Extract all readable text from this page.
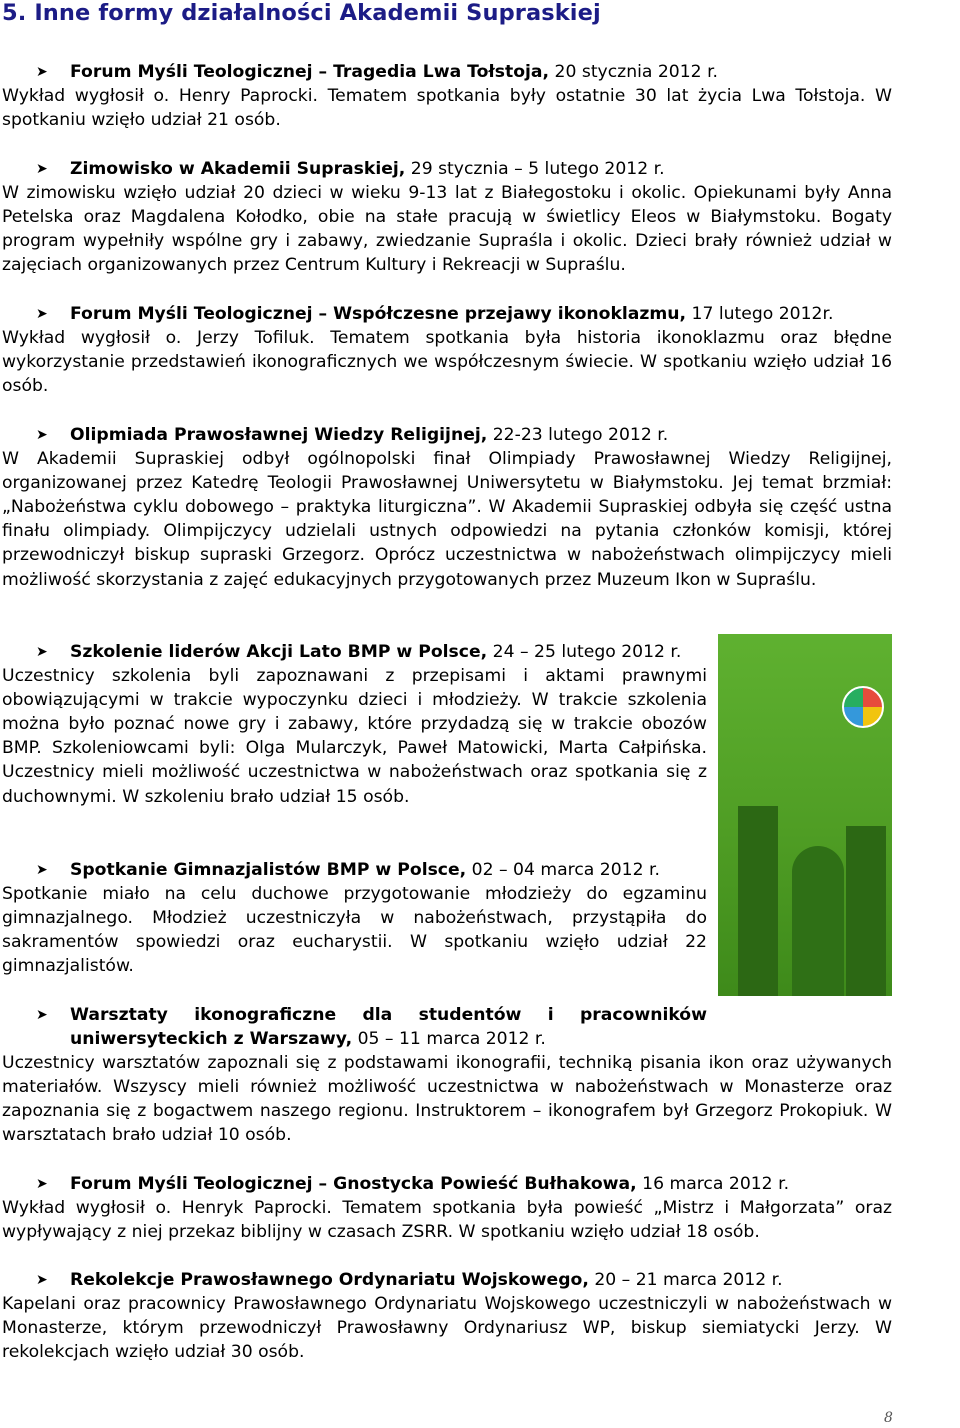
5. Inne formy działalności Akademii Supraskiej

➤ Forum Myśli Teologicznej – Tragedia Lwa Tołstoja, 20 stycznia 2012 r.

Wykład wygłosił o. Henry Paprocki. Tematem spotkania były ostatnie 30 lat życia Lwa Tołstoja. W spotkaniu wzięło udział 21 osób.

➤ Zimowisko w Akademii Supraskiej, 29 stycznia – 5 lutego 2012 r.

W zimowisku wzięło udział 20 dzieci w wieku 9-13 lat z Białegostoku i okolic. Opiekunami były Anna Petelska oraz Magdalena Kołodko, obie na stałe pracują w świetlicy Eleos w Białymstoku. Bogaty program wypełniły wspólne gry i zabawy, zwiedzanie Supraśla i okolic. Dzieci brały również udział w zajęciach organizowanych przez Centrum Kultury i Rekreacji w Supraślu.

➤ Forum Myśli Teologicznej – Współczesne przejawy ikonoklazmu, 17 lutego 2012r.

Wykład wygłosił o. Jerzy Tofiluk. Tematem spotkania była historia ikonoklazmu oraz błędne wykorzystanie przedstawień ikonograficznych we współczesnym świecie. W spotkaniu wzięło udział 16 osób.

➤ Olipmiada Prawosławnej Wiedzy Religijnej, 22-23 lutego 2012 r.

W Akademii Supraskiej odbył ogólnopolski finał Olimpiady Prawosławnej Wiedzy Religijnej, organizowanej przez Katedrę Teologii Prawosławnej Uniwersytetu w Białymstoku. Jej temat brzmiał: „Nabożeństwa cyklu dobowego – praktyka liturgiczna”. W Akademii Supraskiej odbyła się część ustna finału olimpiady. Olimpijczycy udzielali ustnych odpowiedzi na pytania członków komisji, której przewodniczył biskup supraski Grzegorz. Oprócz uczestnictwa w nabożeństwach olimpijczycy mieli możliwość skorzystania z zajęć edukacyjnych przygotowanych przez Muzeum Ikon w Supraślu.

➤ Szkolenie liderów Akcji Lato BMP w Polsce, 24 – 25 lutego 2012 r.

Uczestnicy szkolenia byli zapoznawani z przepisami i aktami prawnymi obowiązującymi w trakcie wypoczynku dzieci i młodzieży. W trakcie szkolenia można było poznać nowe gry i zabawy, które przydadzą się w trakcie obozów BMP. Szkoleniowcami byli: Olga Mularczyk, Paweł Matowicki, Marta Całpińska. Uczestnicy mieli możliwość uczestnictwa w nabożeństwach oraz spotkania się z duchownymi. W szkoleniu brało udział 15 osób.

➤ Spotkanie Gimnazjalistów BMP w Polsce, 02 – 04 marca 2012 r.

Spotkanie miało na celu duchowe przygotowanie młodzieży do egzaminu gimnazjalnego. Młodzież uczestniczyła w nabożeństwach, przystąpiła do sakramentów spowiedzi oraz eucharystii. W spotkaniu wzięło udział 22 gimnazjalistów.

➤ Warsztaty ikonograficzne dla studentów i pracowników

uniwersyteckich z Warszawy, 05 – 11 marca 2012 r.

Uczestnicy warsztatów zapoznali się z podstawami ikonografii, techniką pisania ikon oraz używanych materiałów. Wszyscy mieli również możliwość uczestnictwa w nabożeństwach w Monasterze oraz zapoznania się z bogactwem naszego regionu. Instruktorem – ikonografem był Grzegorz Prokopiuk. W warsztatach brało udział 10 osób.

➤ Forum Myśli Teologicznej – Gnostycka Powieść Bułhakowa, 16 marca 2012 r.

Wykład wygłosił o. Henryk Paprocki. Tematem spotkania była powieść „Mistrz i Małgorzata” oraz wypływający z niej przekaz biblijny w czasach ZSRR. W spotkaniu wzięło udział 18 osób.

➤ Rekolekcje Prawosławnego Ordynariatu Wojskowego, 20 – 21 marca 2012 r.

Kapelani oraz pracownicy Prawosławnego Ordynariatu Wojskowego uczestniczyli w nabożeństwach w Monasterze, którym przewodniczył Prawosławny Ordynariusz WP, biskup siemiatycki Jerzy. W rekolekcjach wzięło udział 30 osób.

8
